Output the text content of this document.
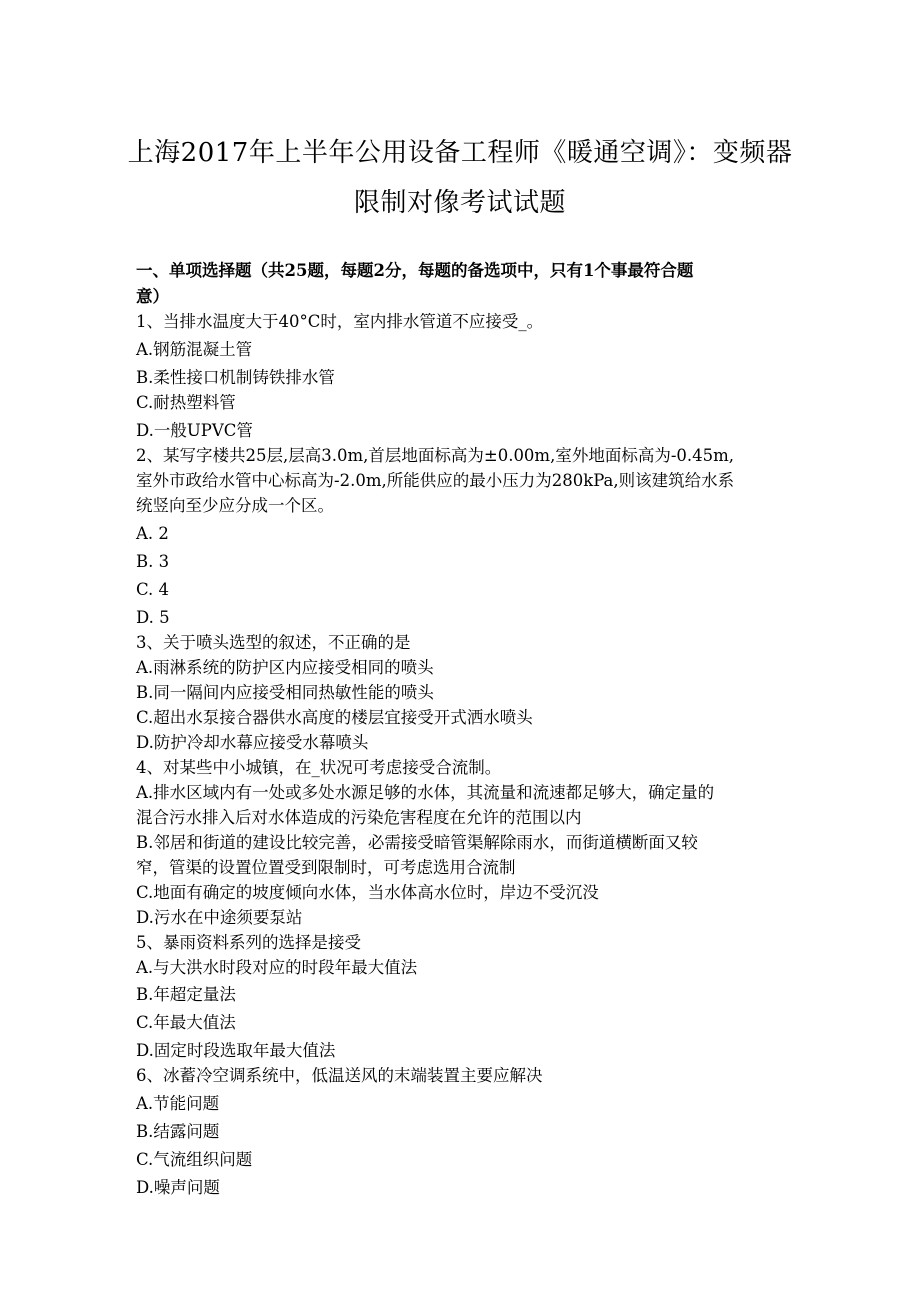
上海2017年上半年公用设备工程师《暖通空调》：变频器
限制对像考试试题
一、单项选择题（共25题，每题2分，每题的备选项中，只有1个事最符合题
意）
1、当排水温度大于40°C时，室内排水管道不应接受_。
A.钢筋混凝土管
B.柔性接口机制铸铁排水管
C.耐热塑料管
D.一般UPVC管
2、某写字楼共25层,层高3.0m,首层地面标高为±0.00m,室外地面标高为-0.45m,
室外市政给水管中心标高为-2.0m,所能供应的最小压力为280kPa,则该建筑给水系
统竖向至少应分成一个区。
A. 2
B. 3
C. 4
D. 5
3、关于喷头选型的叙述，不正确的是
A.雨淋系统的防护区内应接受相同的喷头
B.同一隔间内应接受相同热敏性能的喷头
C.超出水泵接合器供水高度的楼层宜接受开式洒水喷头
D.防护冷却水幕应接受水幕喷头
4、对某些中小城镇，在_状况可考虑接受合流制。
A.排水区域内有一处或多处水源足够的水体，其流量和流速都足够大，确定量的
混合污水排入后对水体造成的污染危害程度在允许的范围以内
B.邻居和街道的建设比较完善，必需接受暗管渠解除雨水，而街道横断面又较
窄，管渠的设置位置受到限制时，可考虑选用合流制
C.地面有确定的坡度倾向水体，当水体高水位时，岸边不受沉没
D.污水在中途须要泵站
5、暴雨资料系列的选择是接受
A.与大洪水时段对应的时段年最大值法
B.年超定量法
C.年最大值法
D.固定时段选取年最大值法
6、冰蓄冷空调系统中，低温送风的末端装置主要应解决
A.节能问题
B.结露问题
C.气流组织问题
D.噪声问题
